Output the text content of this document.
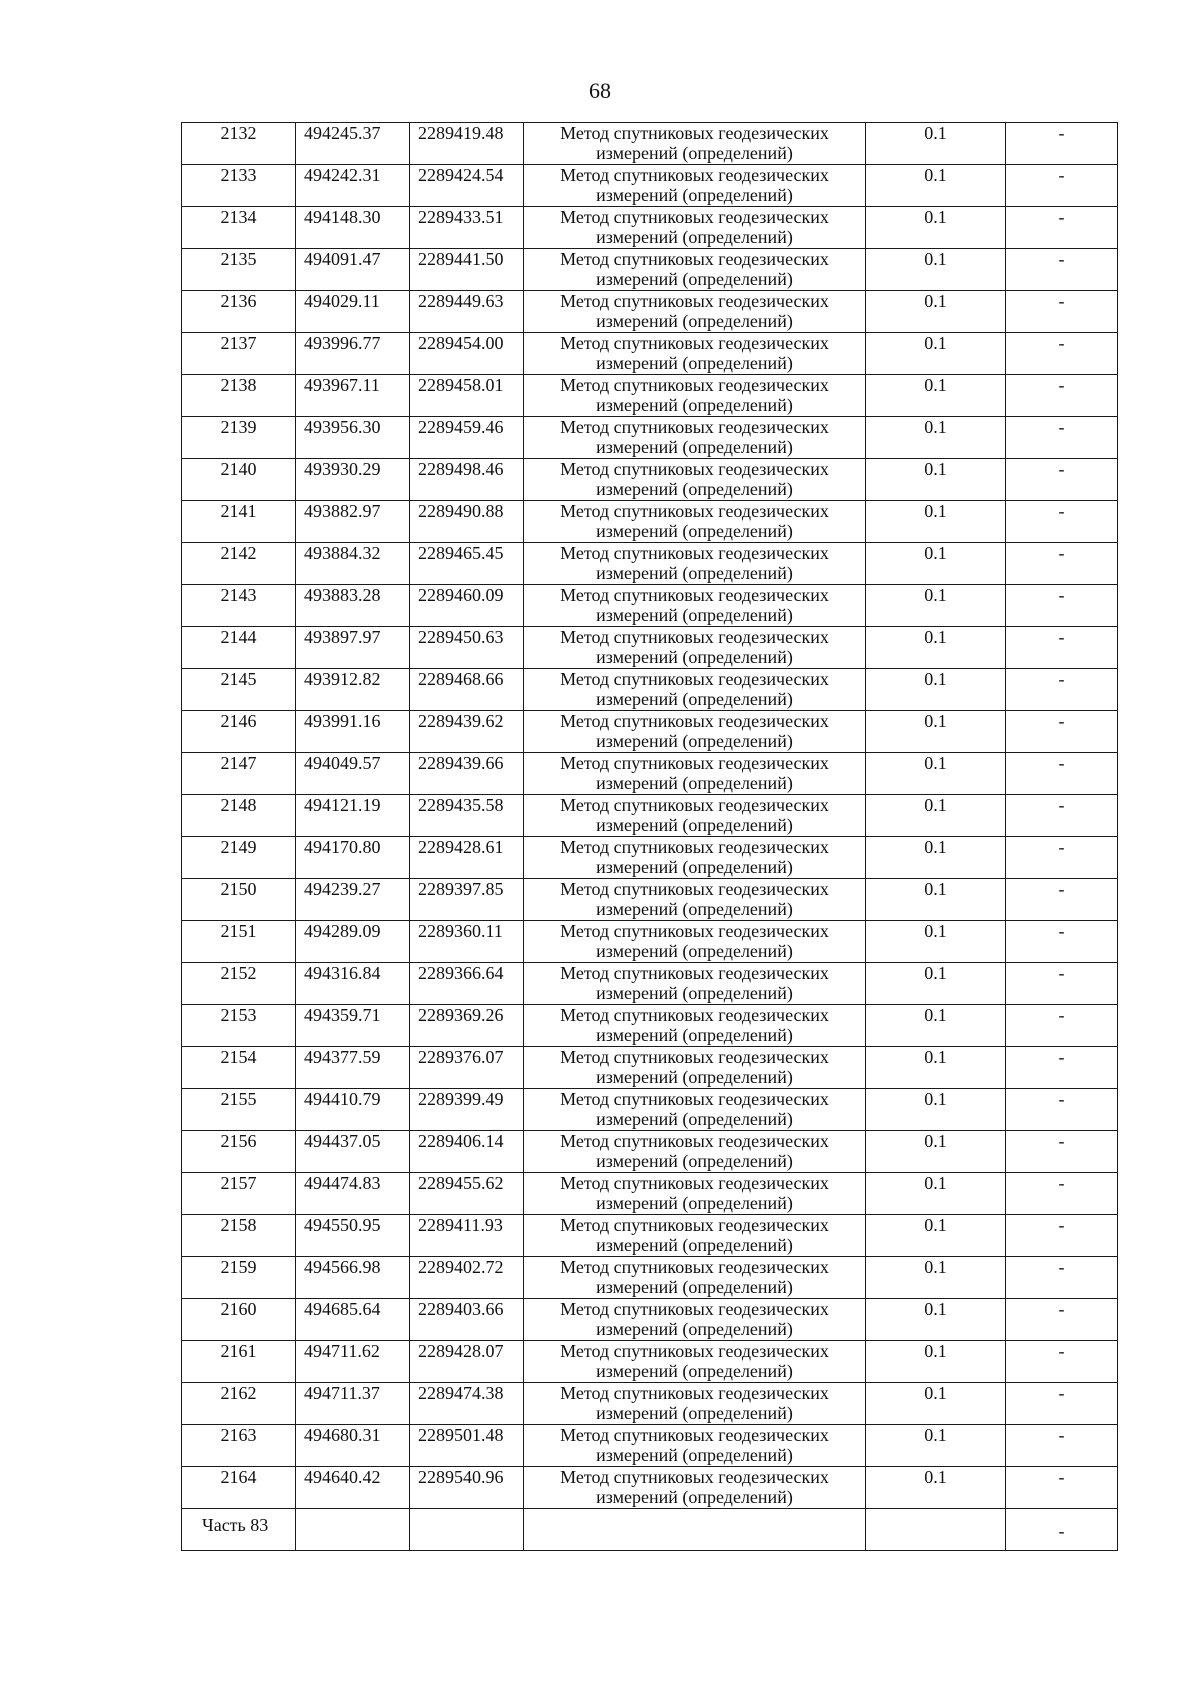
68
2132	494245.37	2289419.48	Метод спутниковых геодезических
измерений (определений)	0.1	-
2133	494242.31	2289424.54	Метод спутниковых геодезических
измерений (определений)	0.1	-
2134	494148.30	2289433.51	Метод спутниковых геодезических
измерений (определений)	0.1	-
2135	494091.47	2289441.50	Метод спутниковых геодезических
измерений (определений)	0.1	-
2136	494029.11	2289449.63	Метод спутниковых геодезических
измерений (определений)	0.1	-
2137	493996.77	2289454.00	Метод спутниковых геодезических
измерений (определений)	0.1	-
2138	493967.11	2289458.01	Метод спутниковых геодезических
измерений (определений)	0.1	-
2139	493956.30	2289459.46	Метод спутниковых геодезических
измерений (определений)	0.1	-
2140	493930.29	2289498.46	Метод спутниковых геодезических
измерений (определений)	0.1	-
2141	493882.97	2289490.88	Метод спутниковых геодезических
измерений (определений)	0.1	-
2142	493884.32	2289465.45	Метод спутниковых геодезических
измерений (определений)	0.1	-
2143	493883.28	2289460.09	Метод спутниковых геодезических
измерений (определений)	0.1	-
2144	493897.97	2289450.63	Метод спутниковых геодезических
измерений (определений)	0.1	-
2145	493912.82	2289468.66	Метод спутниковых геодезических
измерений (определений)	0.1	-
2146	493991.16	2289439.62	Метод спутниковых геодезических
измерений (определений)	0.1	-
2147	494049.57	2289439.66	Метод спутниковых геодезических
измерений (определений)	0.1	-
2148	494121.19	2289435.58	Метод спутниковых геодезических
измерений (определений)	0.1	-
2149	494170.80	2289428.61	Метод спутниковых геодезических
измерений (определений)	0.1	-
2150	494239.27	2289397.85	Метод спутниковых геодезических
измерений (определений)	0.1	-
2151	494289.09	2289360.11	Метод спутниковых геодезических
измерений (определений)	0.1	-
2152	494316.84	2289366.64	Метод спутниковых геодезических
измерений (определений)	0.1	-
2153	494359.71	2289369.26	Метод спутниковых геодезических
измерений (определений)	0.1	-
2154	494377.59	2289376.07	Метод спутниковых геодезических
измерений (определений)	0.1	-
2155	494410.79	2289399.49	Метод спутниковых геодезических
измерений (определений)	0.1	-
2156	494437.05	2289406.14	Метод спутниковых геодезических
измерений (определений)	0.1	-
2157	494474.83	2289455.62	Метод спутниковых геодезических
измерений (определений)	0.1	-
2158	494550.95	2289411.93	Метод спутниковых геодезических
измерений (определений)	0.1	-
2159	494566.98	2289402.72	Метод спутниковых геодезических
измерений (определений)	0.1	-
2160	494685.64	2289403.66	Метод спутниковых геодезических
измерений (определений)	0.1	-
2161	494711.62	2289428.07	Метод спутниковых геодезических
измерений (определений)	0.1	-
2162	494711.37	2289474.38	Метод спутниковых геодезических
измерений (определений)	0.1	-
2163	494680.31	2289501.48	Метод спутниковых геодезических
измерений (определений)	0.1	-
2164	494640.42	2289540.96	Метод спутниковых геодезических
измерений (определений)	0.1	-
Часть 83					-
